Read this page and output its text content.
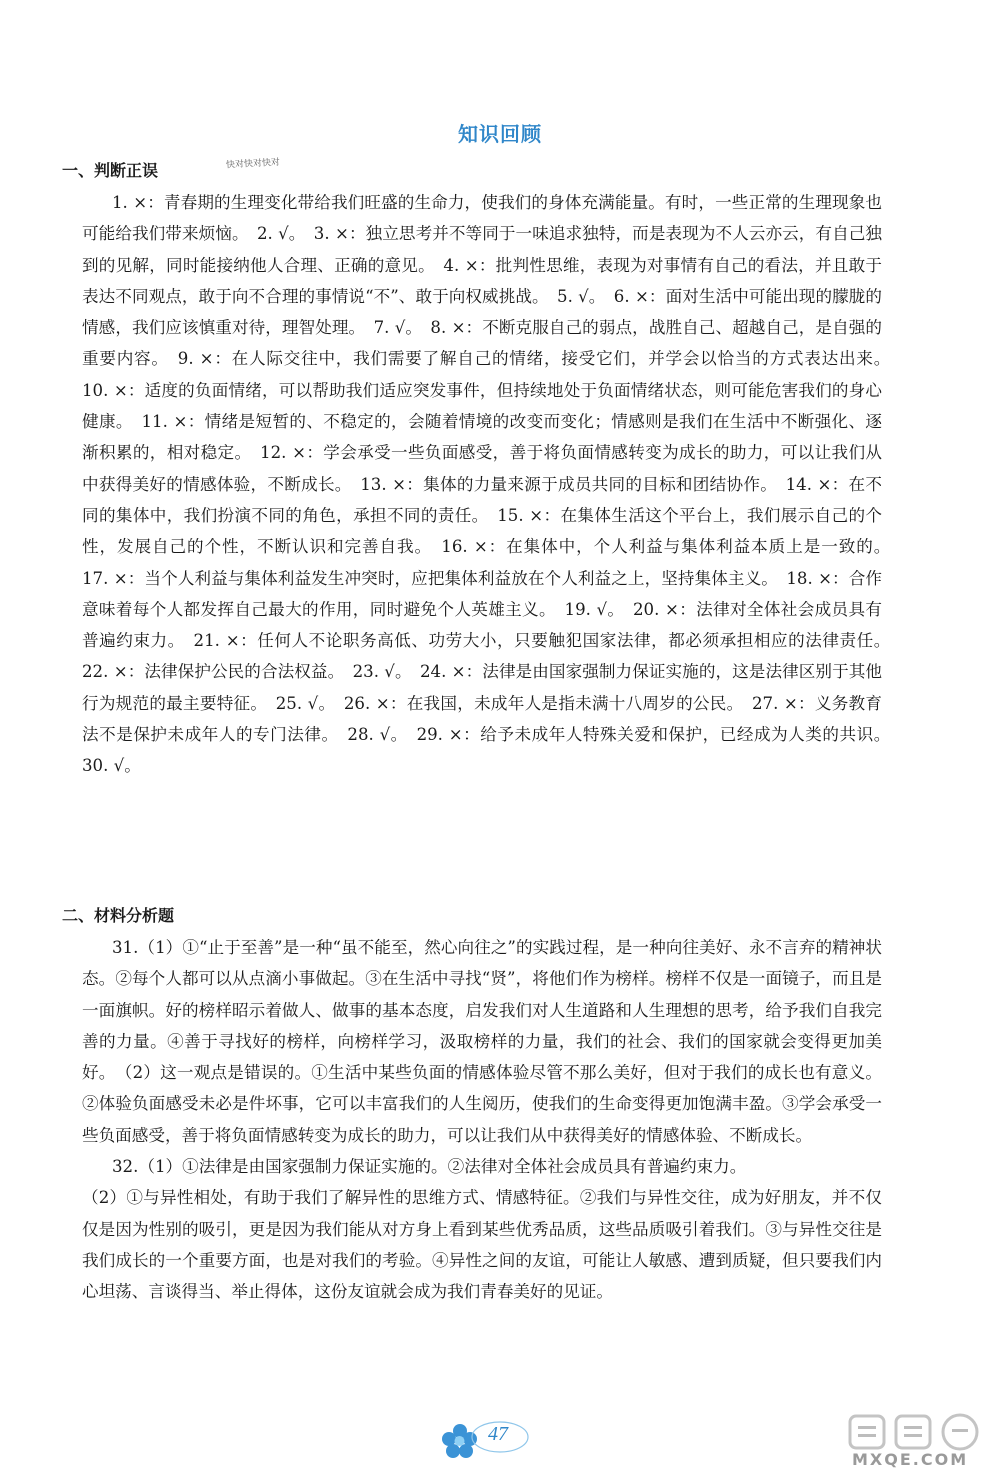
知识回顾
一、判断正误	快对快对快对

1. ×：青春期的生理变化带给我们旺盛的生命力，使我们的身体充满能量。有时，一些正常的生理现象也可能给我们带来烦恼。　2. √。　3. ×：独立思考并不等同于一味追求独特，而是表现为不人云亦云，有自己独到的见解，同时能接纳他人合理、正确的意见。　4. ×：批判性思维，表现为对事情有自己的看法，并且敢于表达不同观点，敢于向不合理的事情说“不”、敢于向权威挑战。　5. √。　6. ×：面对生活中可能出现的朦胧的情感，我们应该慎重对待，理智处理。　7. √。　8. ×：不断克服自己的弱点，战胜自己、超越自己，是自强的重要内容。　9. ×：在人际交往中，我们需要了解自己的情绪，接受它们，并学会以恰当的方式表达出来。　10. ×：适度的负面情绪，可以帮助我们适应突发事件，但持续地处于负面情绪状态，则可能危害我们的身心健康。　11. ×：情绪是短暂的、不稳定的，会随着情境的改变而变化；情感则是我们在生活中不断强化、逐渐积累的，相对稳定。　12. ×：学会承受一些负面感受，善于将负面情感转变为成长的助力，可以让我们从中获得美好的情感体验，不断成长。　13. ×：集体的力量来源于成员共同的目标和团结协作。　14. ×：在不同的集体中，我们扮演不同的角色，承担不同的责任。　15. ×：在集体生活这个平台上，我们展示自己的个性，发展自己的个性，不断认识和完善自我。　16. ×：在集体中，个人利益与集体利益本质上是一致的。　17. ×：当个人利益与集体利益发生冲突时，应把集体利益放在个人利益之上，坚持集体主义。　18. ×：合作意味着每个人都发挥自己最大的作用，同时避免个人英雄主义。　19. √。　20. ×：法律对全体社会成员具有普遍约束力。　21. ×：任何人不论职务高低、功劳大小，只要触犯国家法律，都必须承担相应的法律责任。　22. ×：法律保护公民的合法权益。　23. √。　24. ×：法律是由国家强制力保证实施的，这是法律区别于其他行为规范的最主要特征。　25. √。　26. ×：在我国，未成年人是指未满十八周岁的公民。　27. ×：义务教育法不是保护未成年人的专门法律。　28. √。　29. ×：给予未成年人特殊关爱和保护，已经成为人类的共识。　30. √。

二、材料分析题

31.（1）①“止于至善”是一种“虽不能至，然心向往之”的实践过程，是一种向往美好、永不言弃的精神状态。②每个人都可以从点滴小事做起。③在生活中寻找“贤”，将他们作为榜样。榜样不仅是一面镜子，而且是一面旗帜。好的榜样昭示着做人、做事的基本态度，启发我们对人生道路和人生理想的思考，给予我们自我完善的力量。④善于寻找好的榜样，向榜样学习，汲取榜样的力量，我们的社会、我们的国家就会变得更加美好。　（2）这一观点是错误的。①生活中某些负面的情感体验尽管不那么美好，但对于我们的成长也有意义。②体验负面感受未必是件坏事，它可以丰富我们的人生阅历，使我们的生命变得更加饱满丰盈。③学会承受一些负面感受，善于将负面情感转变为成长的助力，可以让我们从中获得美好的情感体验、不断成长。

32.（1）①法律是由国家强制力保证实施的。②法律对全体社会成员具有普遍约束力。

（2）①与异性相处，有助于我们了解异性的思维方式、情感特征。②我们与异性交往，成为好朋友，并不仅仅是因为性别的吸引，更是因为我们能从对方身上看到某些优秀品质，这些品质吸引着我们。③与异性交往是我们成长的一个重要方面，也是对我们的考验。④异性之间的友谊，可能让人敏感、遭到质疑，但只要我们内心坦荡、言谈得当、举止得体，这份友谊就会成为我们青春美好的见证。

47
MXQE.COM
